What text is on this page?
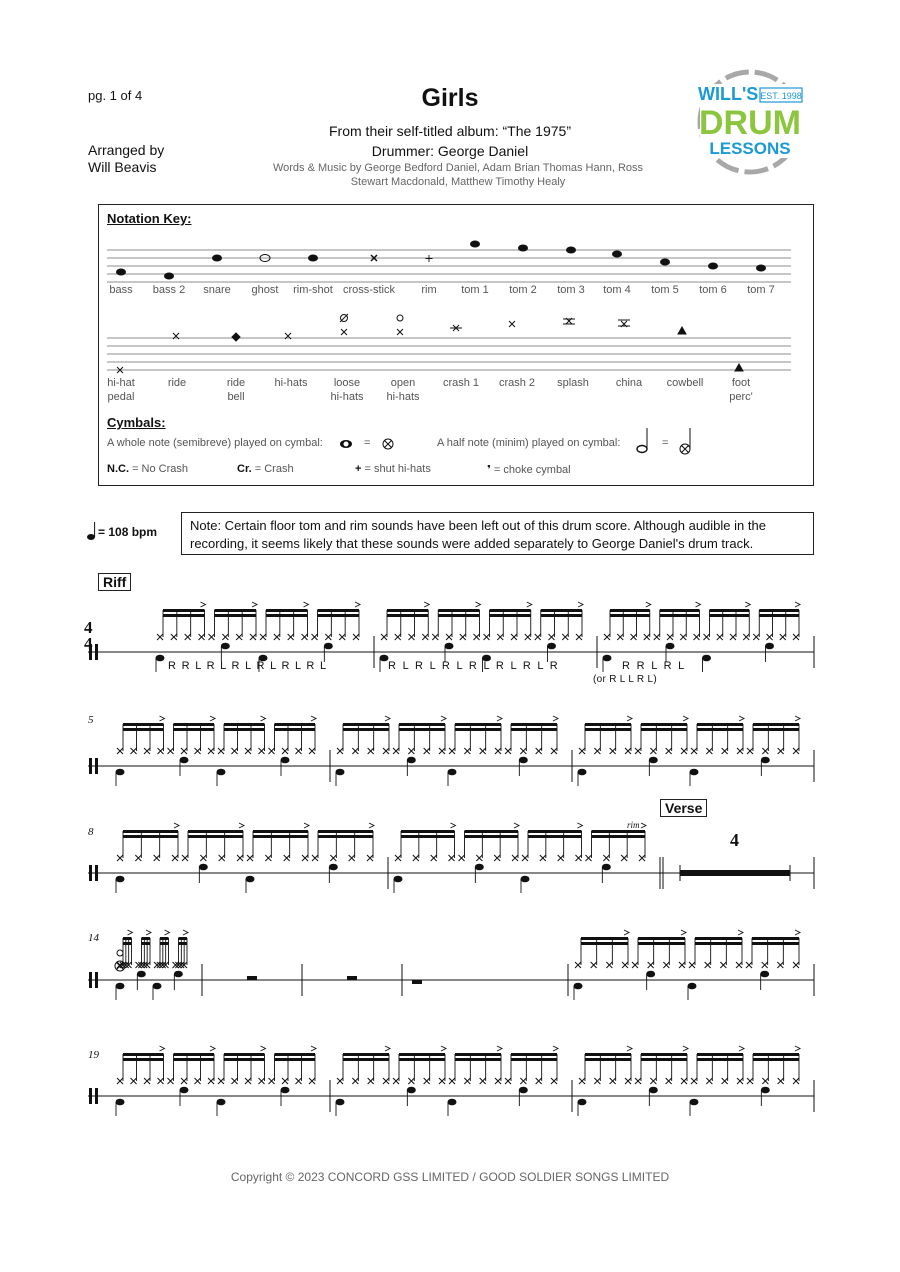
pg. 1 of 4	Girls
From their self-titled album: “The 1975”
Drummer: George Daniel
Words & Music by George Bedford Daniel, Adam Brian Thomas Hann, Ross
Stewart Macdonald, Matthew Timothy Healy
Arranged by
Will Beavis
WILL'S EST. 1998
DRUM
LESSONS
Notation Key:
bass	bass 2	snare	ghost	rim-shot cross-stick	rim	tom 1	tom 2	tom 3	tom 4	tom 5	tom 6	tom 7
hi-hat
pedal
ride	ride
bell
hi-hats	loose
hi-hats
open
hi-hats
crash 1	crash 2	splash	china	cowbell	foot
perc'
Cymbals:
A whole note (semibreve) played on cymbal:	=	A half note (minim) played on cymbal:	=
N.C. = No Crash	Cr. = Crash	+ = shut hi-hats	❜ = choke cymbal
= 108 bpm	Note: Certain floor tom and rim sounds have been left out of this drum score. Although audible in the recording, it seems likely that these sounds were added separately to George Daniel's drum track.
Riff
Verse
4
4
R R L R L R L R L R L R L	R L R L R L R L R L R L R	R R L R L
(or R L L R L)
5
8
14
19
4
rim
Copyright © 2023 CONCORD GSS LIMITED / GOOD SOLDIER SONGS LIMITED
